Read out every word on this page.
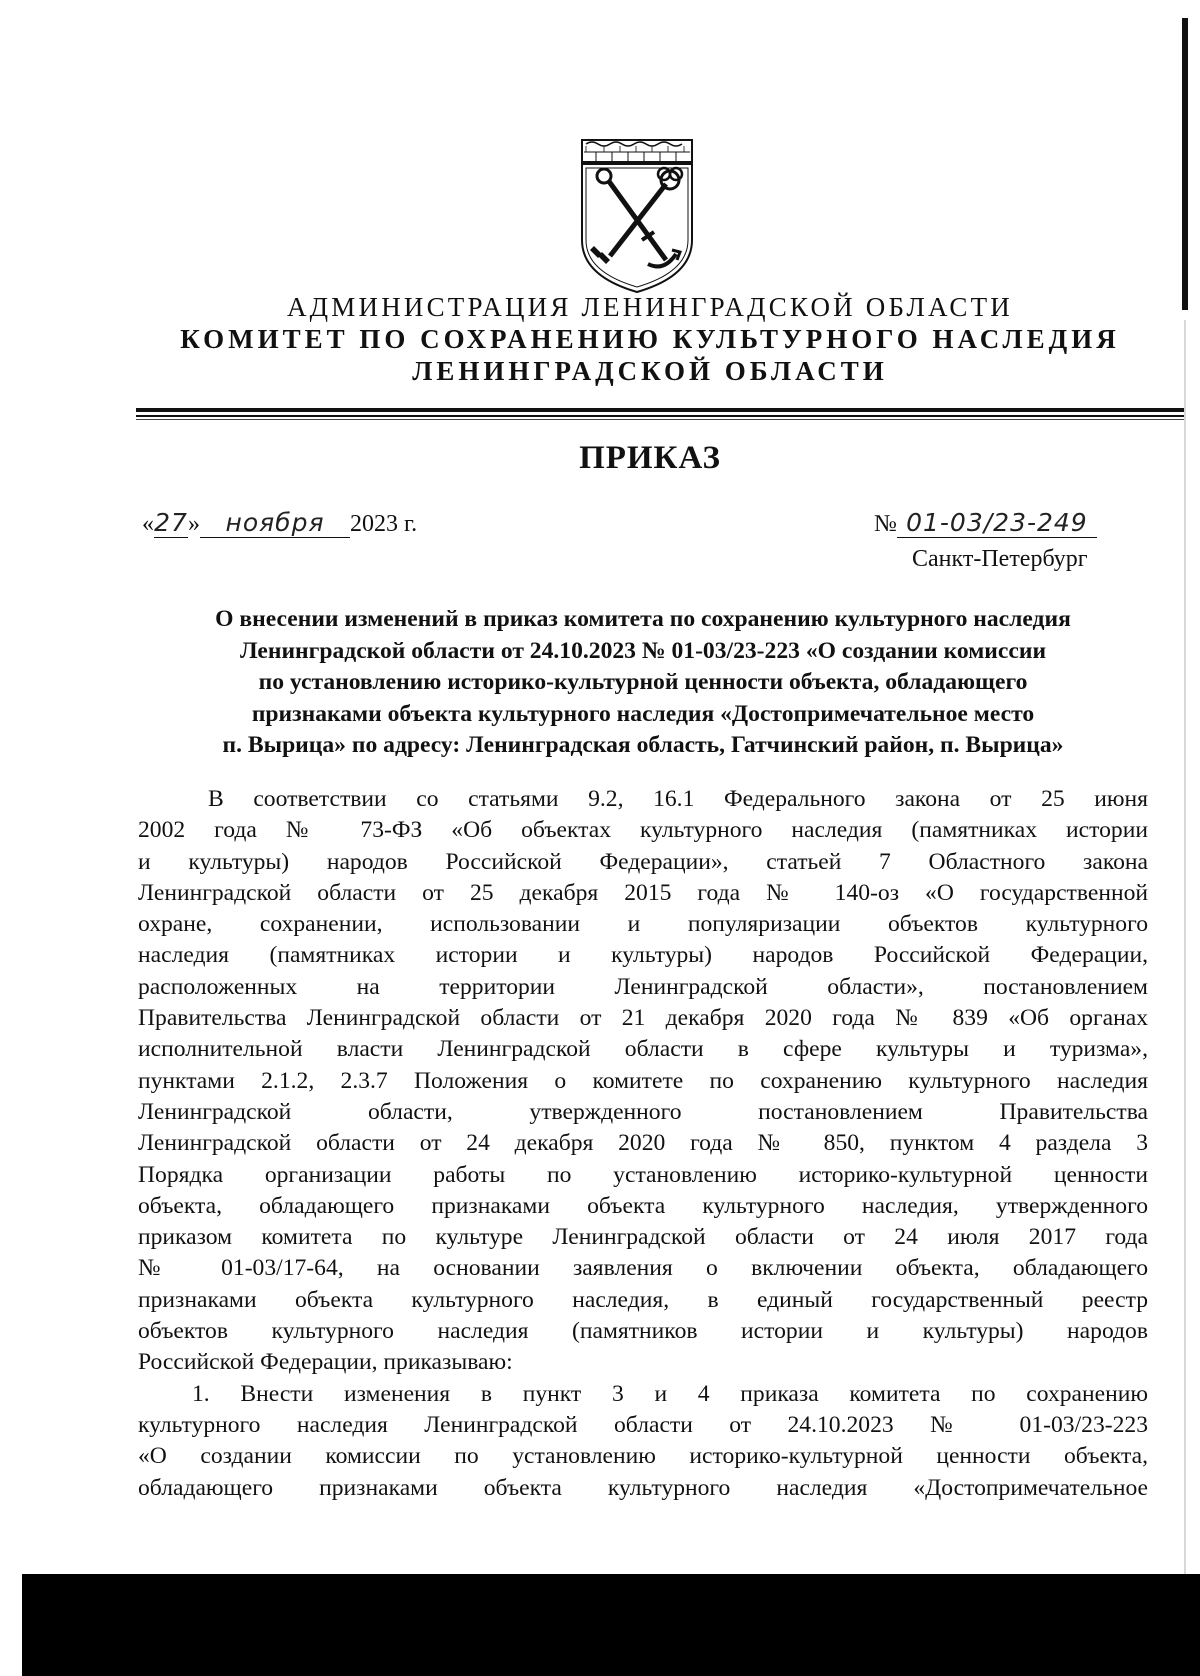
АДМИНИСТРАЦИЯ ЛЕНИНГРАДСКОЙ ОБЛАСТИ
КОМИТЕТ ПО СОХРАНЕНИЮ КУЛЬТУРНОГО НАСЛЕДИЯ
ЛЕНИНГРАДСКОЙ ОБЛАСТИ
ПРИКАЗ
«27» ноября 2023 г.	№ 01-03/23-249
Санкт-Петербург
О внесении изменений в приказ комитета по сохранению культурного наследия
Ленинградской области от 24.10.2023 № 01-03/23-223 «О создании комиссии
по установлению историко-культурной ценности объекта, обладающего
признаками объекта культурного наследия «Достопримечательное место
п. Вырица» по адресу: Ленинградская область, Гатчинский район, п. Вырица»
В соответствии со статьями 9.2, 16.1 Федерального закона от 25 июня
2002 года № 73-ФЗ «Об объектах культурного наследия (памятниках истории
и культуры) народов Российской Федерации», статьей 7 Областного закона
Ленинградской области от 25 декабря 2015 года № 140-оз «О государственной
охране, сохранении, использовании и популяризации объектов культурного
наследия (памятниках истории и культуры) народов Российской Федерации,
расположенных на территории Ленинградской области», постановлением
Правительства Ленинградской области от 21 декабря 2020 года № 839 «Об органах
исполнительной власти Ленинградской области в сфере культуры и туризма»,
пунктами 2.1.2, 2.3.7 Положения о комитете по сохранению культурного наследия
Ленинградской области, утвержденного постановлением Правительства
Ленинградской области от 24 декабря 2020 года № 850, пунктом 4 раздела 3
Порядка организации работы по установлению историко-культурной ценности
объекта, обладающего признаками объекта культурного наследия, утвержденного
приказом комитета по культуре Ленинградской области от 24 июля 2017 года
№ 01-03/17-64, на основании заявления о включении объекта, обладающего
признаками объекта культурного наследия, в единый государственный реестр
объектов культурного наследия (памятников истории и культуры) народов
Российской Федерации, приказываю:
1. Внести изменения в пункт 3 и 4 приказа комитета по сохранению
культурного наследия Ленинградской области от 24.10.2023 № 01-03/23-223
«О создании комиссии по установлению историко-культурной ценности объекта,
обладающего признаками объекта культурного наследия «Достопримечательное
